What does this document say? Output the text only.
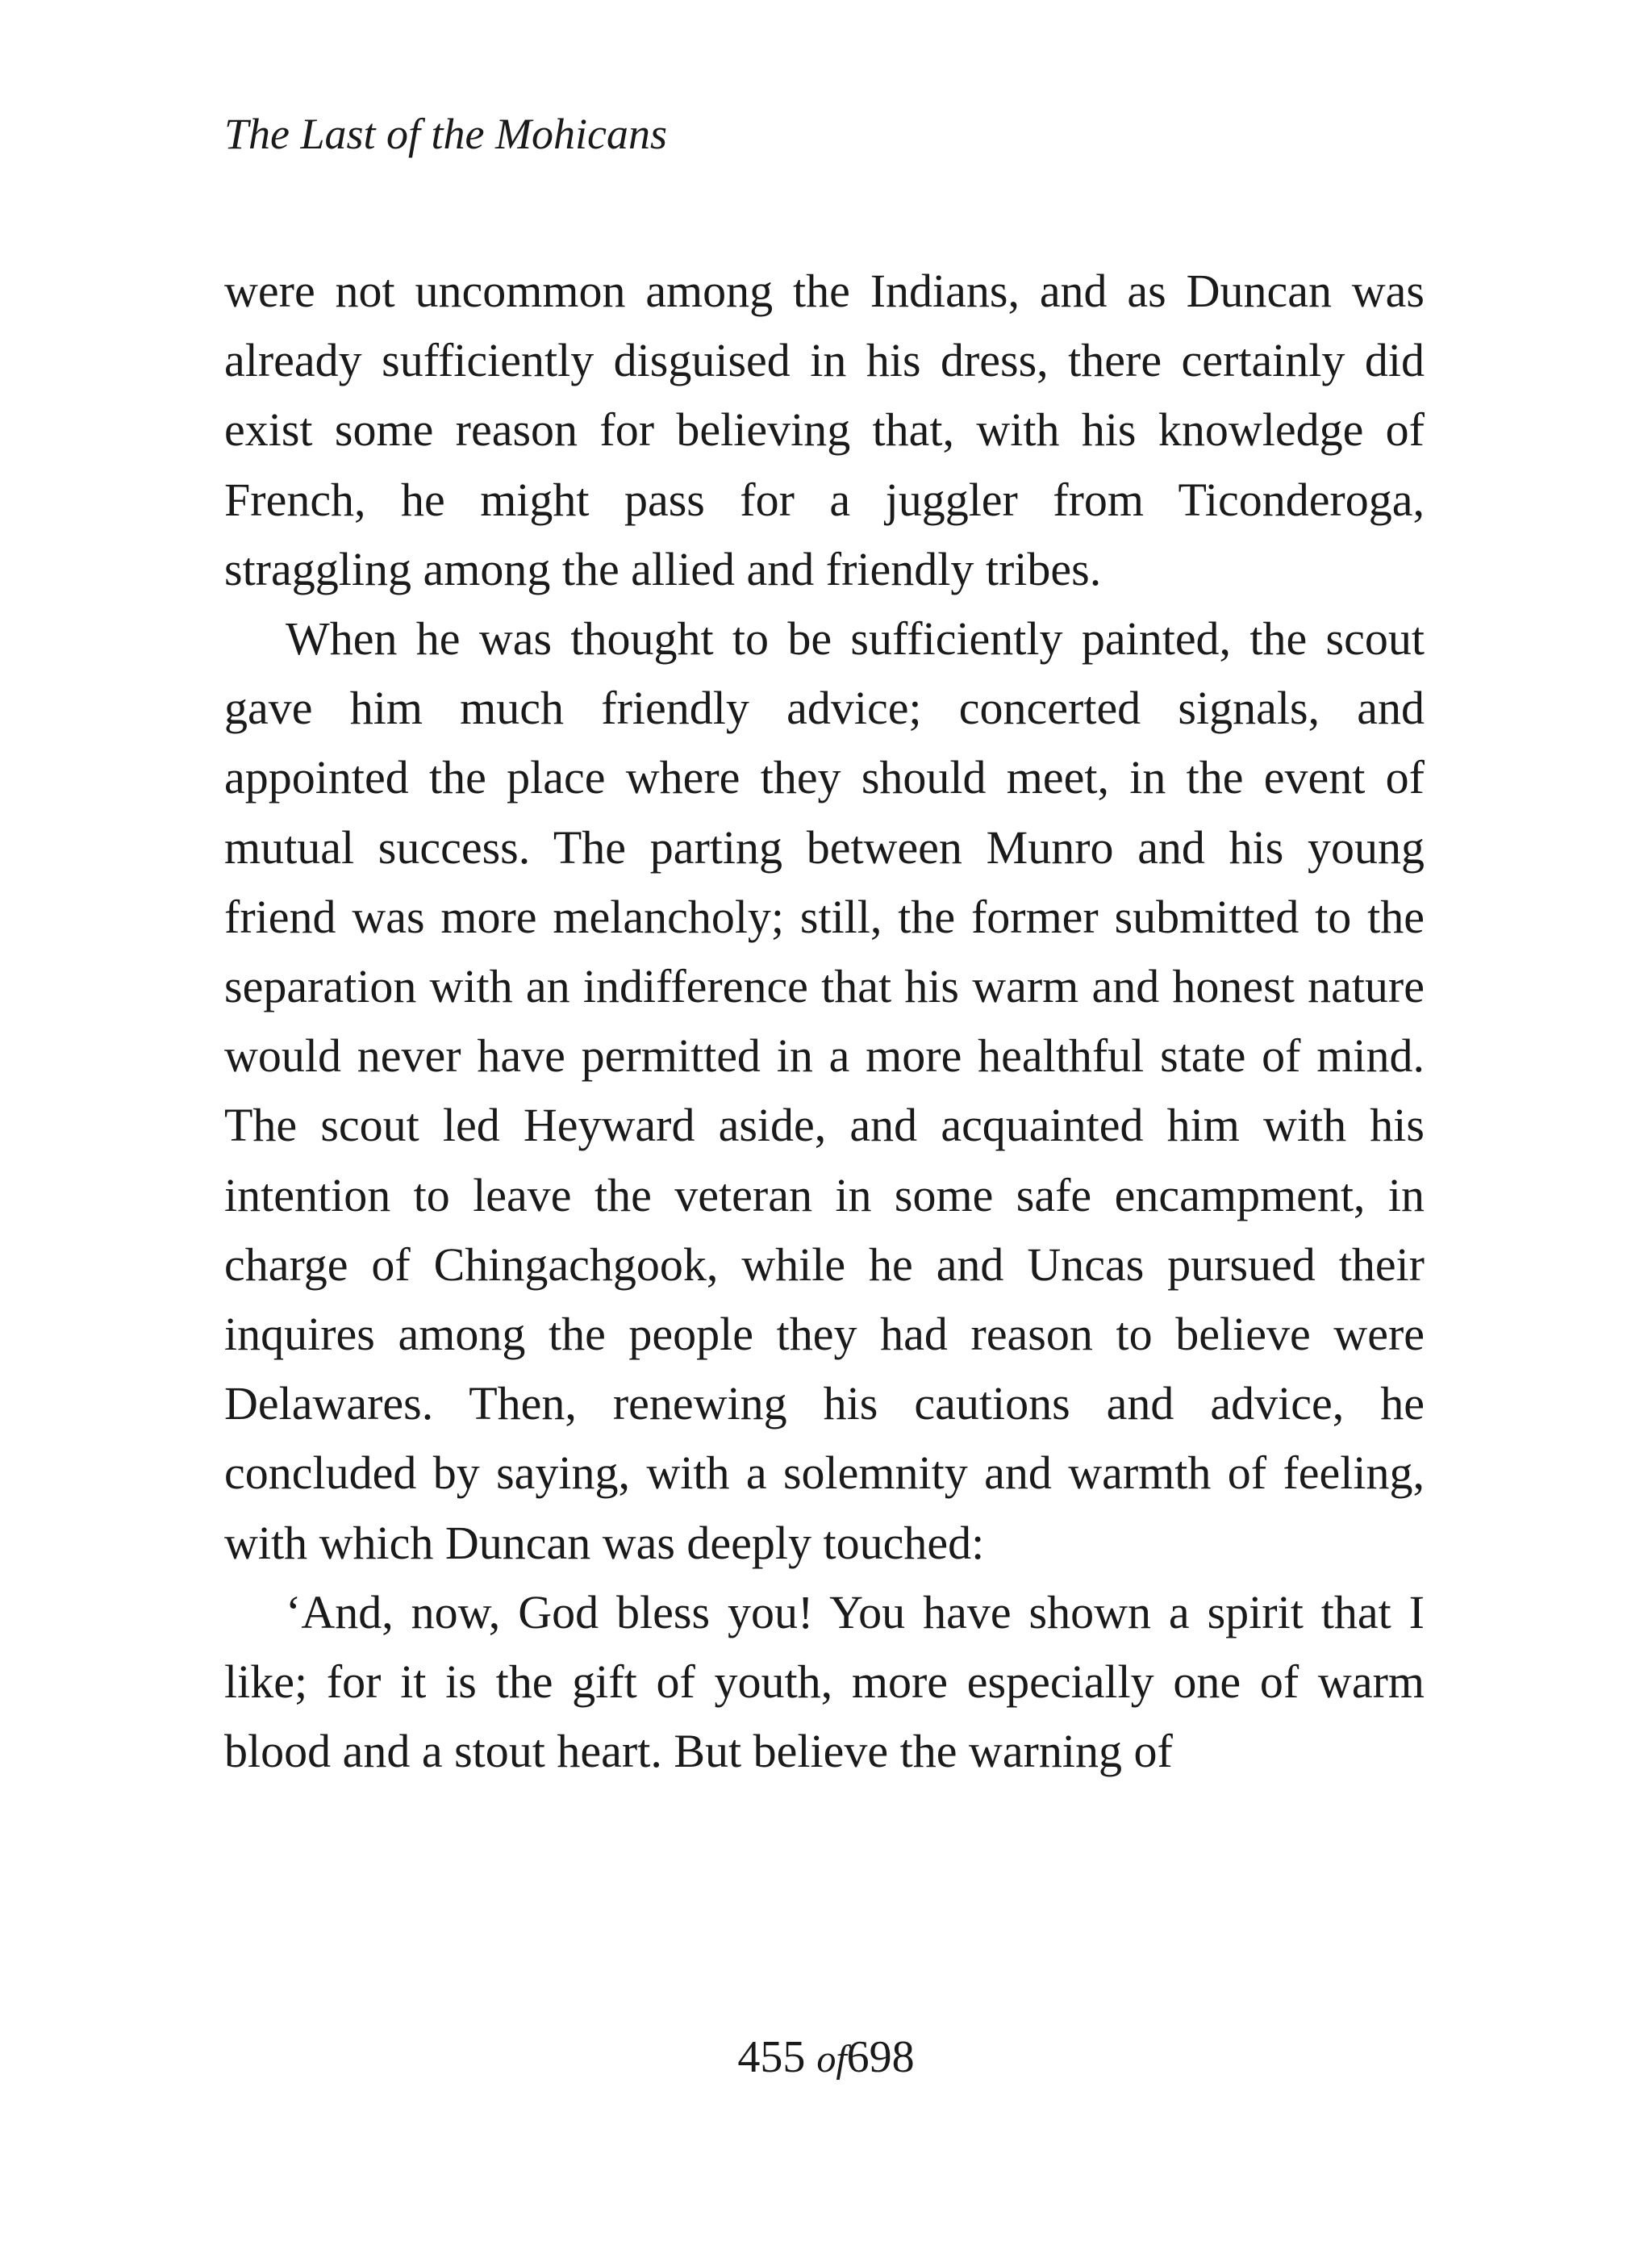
The Last of the Mohicans

were not uncommon among the Indians, and as Duncan was already sufficiently disguised in his dress, there certainly did exist some reason for believing that, with his knowledge of French, he might pass for a juggler from Ticonderoga, straggling among the allied and friendly tribes.

When he was thought to be sufficiently painted, the scout gave him much friendly advice; concerted signals, and appointed the place where they should meet, in the event of mutual success. The parting between Munro and his young friend was more melancholy; still, the former submitted to the separation with an indifference that his warm and honest nature would never have permitted in a more healthful state of mind. The scout led Heyward aside, and acquainted him with his intention to leave the veteran in some safe encampment, in charge of Chingachgook, while he and Uncas pursued their inquires among the people they had reason to believe were Delawares. Then, renewing his cautions and advice, he concluded by saying, with a solemnity and warmth of feeling, with which Duncan was deeply touched:

‘And, now, God bless you! You have shown a spirit that I like; for it is the gift of youth, more especially one of warm blood and a stout heart. But believe the warning of

455 of698
